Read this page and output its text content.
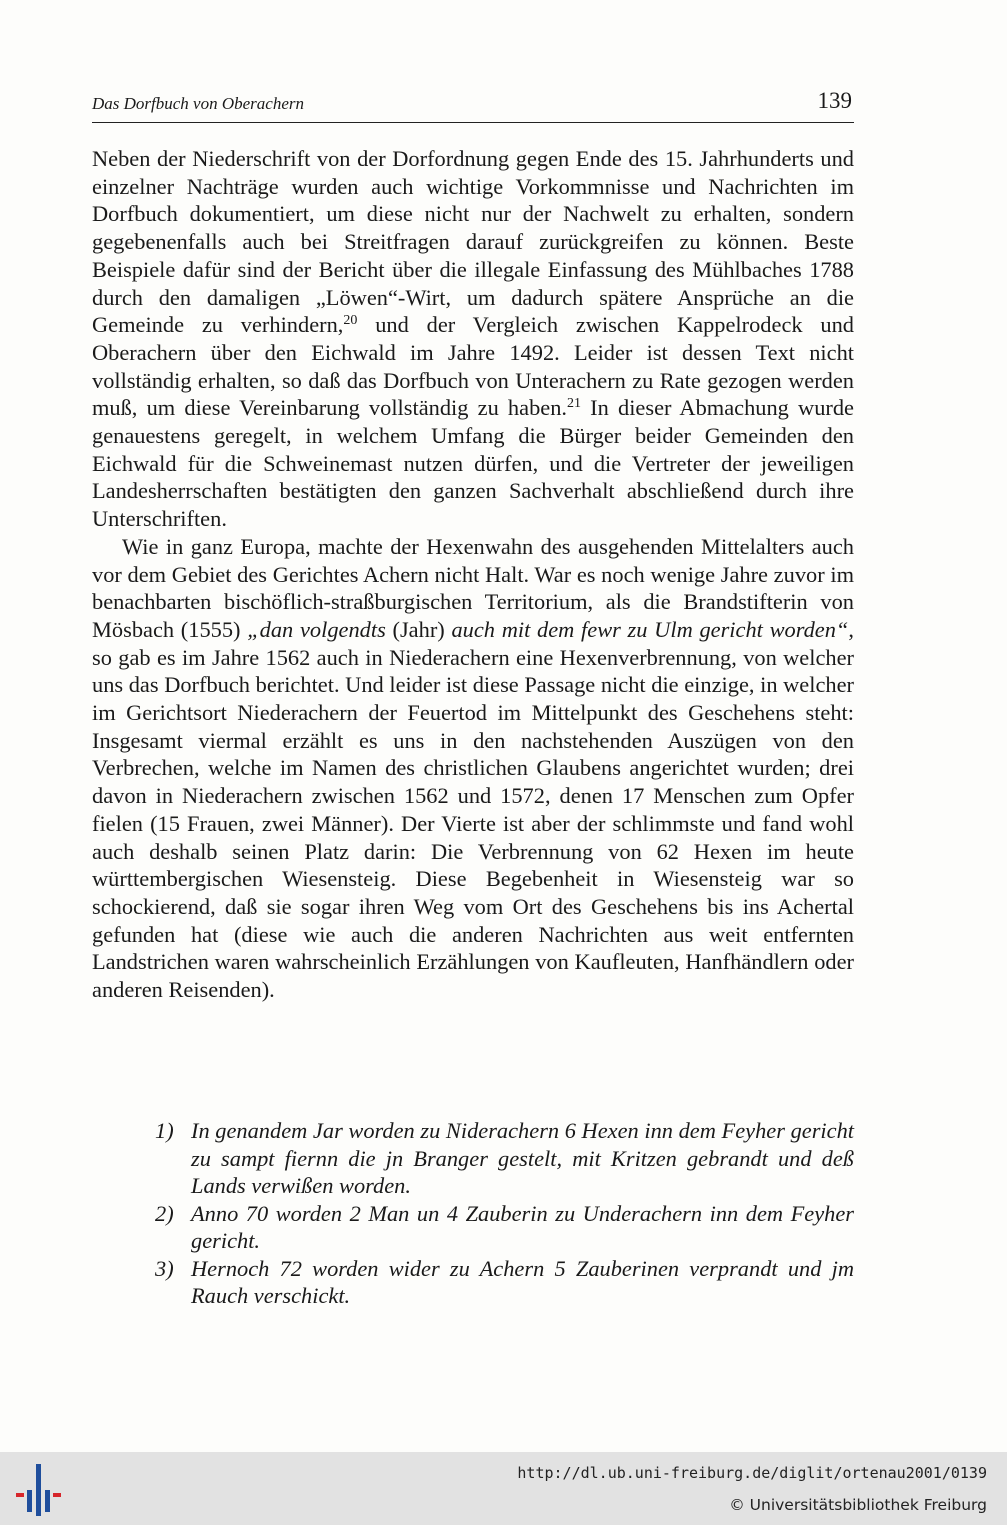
Das Dorfbuch von Oberachern	139

Neben der Niederschrift von der Dorfordnung gegen Ende des 15. Jahrhunderts und einzelner Nachträge wurden auch wichtige Vorkommnisse und Nachrichten im Dorfbuch dokumentiert, um diese nicht nur der Nachwelt zu erhalten, sondern gegebenenfalls auch bei Streitfragen darauf zurückgreifen zu können. Beste Beispiele dafür sind der Bericht über die illegale Einfassung des Mühlbaches 1788 durch den damaligen „Löwen“-Wirt, um dadurch spätere Ansprüche an die Gemeinde zu verhindern,$^{20}$ und der Vergleich zwischen Kappelrodeck und Oberachern über den Eichwald im Jahre 1492. Leider ist dessen Text nicht vollständig erhalten, so daß das Dorfbuch von Unterachern zu Rate gezogen werden muß, um diese Vereinbarung vollständig zu haben.$^{21}$ In dieser Abmachung wurde genauestens geregelt, in welchem Umfang die Bürger beider Gemeinden den Eichwald für die Schweinemast nutzen dürfen, und die Vertreter der jeweiligen Landesherrschaften bestätigten den ganzen Sachverhalt abschließend durch ihre Unterschriften.

Wie in ganz Europa, machte der Hexenwahn des ausgehenden Mittelalters auch vor dem Gebiet des Gerichtes Achern nicht Halt. War es noch wenige Jahre zuvor im benachbarten bischöflich-straßburgischen Territorium, als die Brandstifterin von Mösbach (1555) „dan volgendts (Jahr) auch mit dem fewr zu Ulm gericht worden“, so gab es im Jahre 1562 auch in Niederachern eine Hexenverbrennung, von welcher uns das Dorfbuch berichtet. Und leider ist diese Passage nicht die einzige, in welcher im Gerichtsort Niederachern der Feuertod im Mittelpunkt des Geschehens steht: Insgesamt viermal erzählt es uns in den nachstehenden Auszügen von den Verbrechen, welche im Namen des christlichen Glaubens angerichtet wurden; drei davon in Niederachern zwischen 1562 und 1572, denen 17 Menschen zum Opfer fielen (15 Frauen, zwei Männer). Der Vierte ist aber der schlimmste und fand wohl auch deshalb seinen Platz darin: Die Verbrennung von 62 Hexen im heute württembergischen Wiesensteig. Diese Begebenheit in Wiesensteig war so schockierend, daß sie sogar ihren Weg vom Ort des Geschehens bis ins Achertal gefunden hat (diese wie auch die anderen Nachrichten aus weit entfernten Landstrichen waren wahrscheinlich Erzählungen von Kaufleuten, Hanfhändlern oder anderen Reisenden).

1) In genandem Jar worden zu Niderachern 6 Hexen inn dem Feyher gericht zu sampt fiernn die jn Branger gestelt, mit Kritzen gebrandt und deß Lands verwißen worden.

2) Anno 70 worden 2 Man un 4 Zauberin zu Underachern inn dem Feyher gericht.

3) Hernoch 72 worden wider zu Achern 5 Zauberinen verprandt und jm Rauch verschickt.

http://dl.ub.uni-freiburg.de/diglit/ortenau2001/0139
© Universitätsbibliothek Freiburg
